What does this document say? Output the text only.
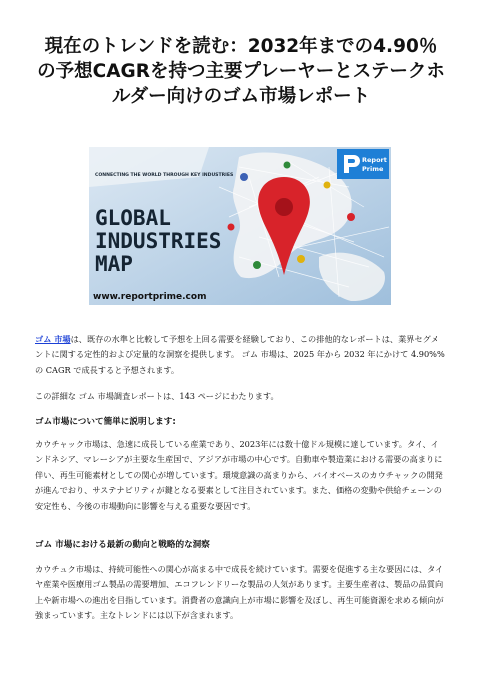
現在のトレンドを読む：2032年までの4.90％の予想CAGRを持つ主要プレーヤーとステークホルダー向けのゴム市場レポート
Report
Prime
CONNECTING THE WORLD THROUGH KEY INDUSTRIES
GLOBAL
INDUSTRIES
MAP
www.reportprime.com

ゴム 市場は、既存の水準と比較して予想を上回る需要を経験しており、この排他的なレポートは、業界セグメントに関する定性的および定量的な洞察を提供します。 ゴム 市場は、2025 年から 2032 年にかけて 4.90%% の CAGR で成長すると予想されます。

この詳細な ゴム 市場調査レポートは、143 ページにわたります。

ゴム市場について簡単に説明します:

カウチャック市場は、急速に成長している産業であり、2023年には数十億ドル規模に達しています。タイ、インドネシア、マレーシアが主要な生産国で、アジアが市場の中心です。自動車や製造業における需要の高まりに伴い、再生可能素材としての関心が増しています。環境意識の高まりから、バイオベースのカウチャックの開発が進んでおり、サステナビリティが鍵となる要素として注目されています。また、価格の変動や供給チェーンの安定性も、今後の市場動向に影響を与える重要な要因です。

ゴム 市場における最新の動向と戦略的な洞察

カウチュク市場は、持続可能性への関心が高まる中で成長を続けています。需要を促進する主な要因には、タイヤ産業や医療用ゴム製品の需要増加、エコフレンドリーな製品の人気があります。主要生産者は、製品の品質向上や新市場への進出を目指しています。消費者の意識向上が市場に影響を及ぼし、再生可能資源を求める傾向が強まっています。主なトレンドには以下が含まれます。
